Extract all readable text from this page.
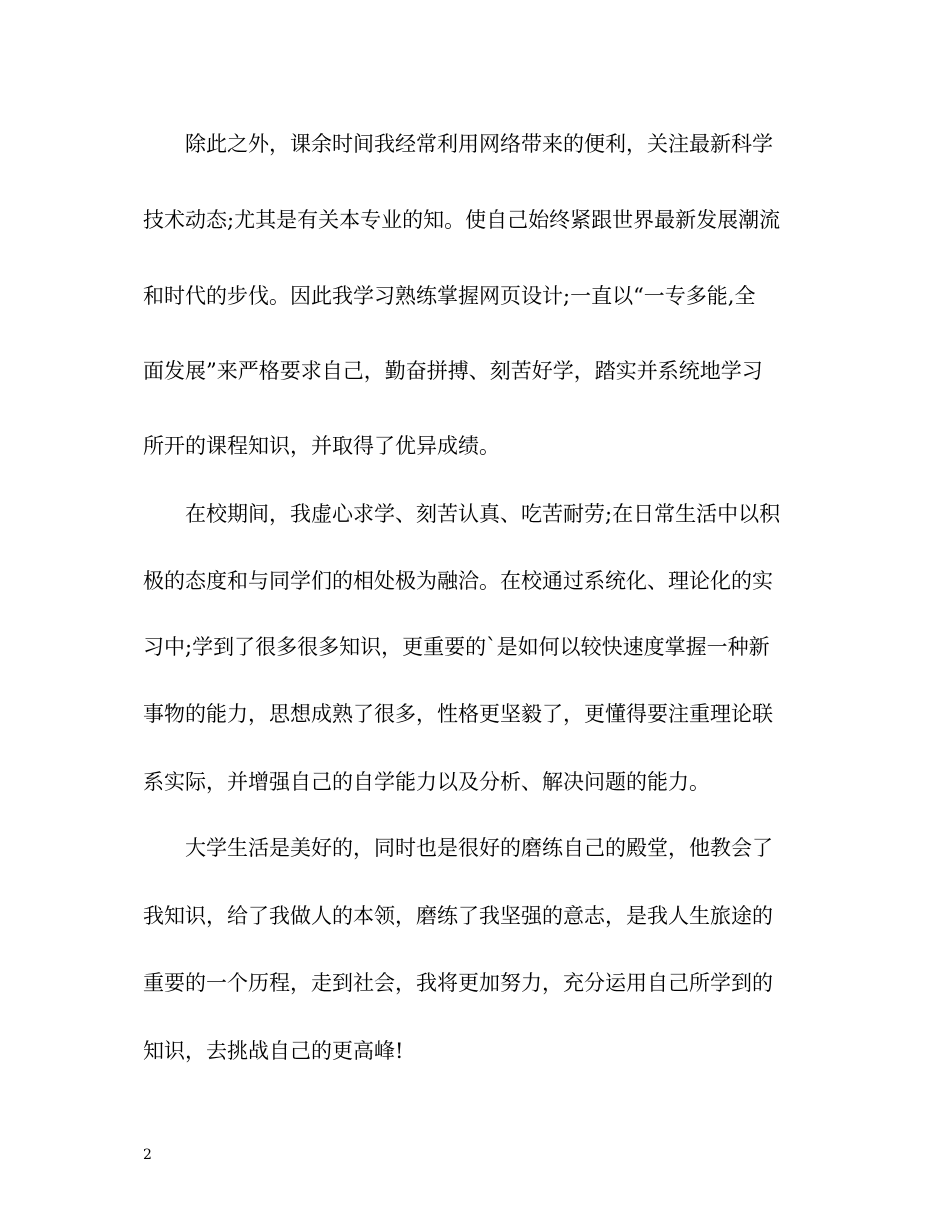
除此之外，课余时间我经常利用网络带来的便利，关注最新科学
技术动态;尤其是有关本专业的知。使自己始终紧跟世界最新发展潮流
和时代的步伐。因此我学习熟练掌握网页设计;一直以“一专多能,全
面发展”来严格要求自己，勤奋拼搏、刻苦好学，踏实并系统地学习
所开的课程知识，并取得了优异成绩。
在校期间，我虚心求学、刻苦认真、吃苦耐劳;在日常生活中以积
极的态度和与同学们的相处极为融洽。在校通过系统化、理论化的实
习中;学到了很多很多知识，更重要的`是如何以较快速度掌握一种新
事物的能力，思想成熟了很多，性格更坚毅了，更懂得要注重理论联
系实际，并增强自己的自学能力以及分析、解决问题的能力。
大学生活是美好的，同时也是很好的磨练自己的殿堂，他教会了
我知识，给了我做人的本领，磨练了我坚强的意志，是我人生旅途的
重要的一个历程，走到社会，我将更加努力，充分运用自己所学到的
知识，去挑战自己的更高峰!
2
